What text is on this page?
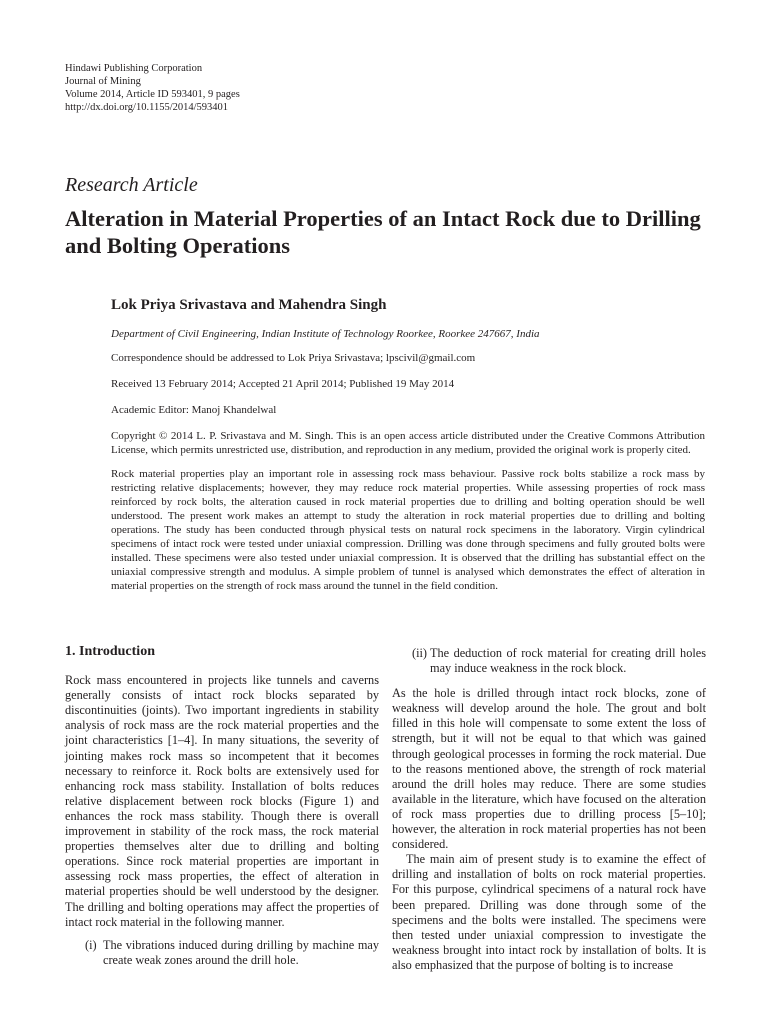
Hindawi Publishing Corporation
Journal of Mining
Volume 2014, Article ID 593401, 9 pages
http://dx.doi.org/10.1155/2014/593401
Research Article
Alteration in Material Properties of an Intact Rock due to Drilling and Bolting Operations
Lok Priya Srivastava and Mahendra Singh
Department of Civil Engineering, Indian Institute of Technology Roorkee, Roorkee 247667, India
Correspondence should be addressed to Lok Priya Srivastava; lpscivil@gmail.com
Received 13 February 2014; Accepted 21 April 2014; Published 19 May 2014
Academic Editor: Manoj Khandelwal
Copyright © 2014 L. P. Srivastava and M. Singh. This is an open access article distributed under the Creative Commons Attribution License, which permits unrestricted use, distribution, and reproduction in any medium, provided the original work is properly cited.
Rock material properties play an important role in assessing rock mass behaviour. Passive rock bolts stabilize a rock mass by restricting relative displacements; however, they may reduce rock material properties. While assessing properties of rock mass reinforced by rock bolts, the alteration caused in rock material properties due to drilling and bolting operation should be well understood. The present work makes an attempt to study the alteration in rock material properties due to drilling and bolting operations. The study has been conducted through physical tests on natural rock specimens in the laboratory. Virgin cylindrical specimens of intact rock were tested under uniaxial compression. Drilling was done through specimens and fully grouted bolts were installed. These specimens were also tested under uniaxial compression. It is observed that the drilling has substantial effect on the uniaxial compressive strength and modulus. A simple problem of tunnel is analysed which demonstrates the effect of alteration in material properties on the strength of rock mass around the tunnel in the field condition.
1. Introduction

Rock mass encountered in projects like tunnels and caverns generally consists of intact rock blocks separated by discontinuities (joints). Two important ingredients in stability analysis of rock mass are the rock material properties and the joint characteristics [1–4]. In many situations, the severity of jointing makes rock mass so incompetent that it becomes necessary to reinforce it. Rock bolts are extensively used for enhancing rock mass stability. Installation of bolts reduces relative displacement between rock blocks (Figure 1) and enhances the rock mass stability. Though there is overall improvement in stability of the rock mass, the rock material properties themselves alter due to drilling and bolting operations. Since rock material properties are important in assessing rock mass properties, the effect of alteration in material properties should be well understood by the designer. The drilling and bolting operations may affect the properties of intact rock material in the following manner.

(i) The vibrations induced during drilling by machine may create weak zones around the drill hole.
(ii) The deduction of rock material for creating drill holes may induce weakness in the rock block.

As the hole is drilled through intact rock blocks, zone of weakness will develop around the hole. The grout and bolt filled in this hole will compensate to some extent the loss of strength, but it will not be equal to that which was gained through geological processes in forming the rock material. Due to the reasons mentioned above, the strength of rock material around the drill holes may reduce. There are some studies available in the literature, which have focused on the alteration of rock mass properties due to drilling process [5–10]; however, the alteration in rock material properties has not been considered.

The main aim of present study is to examine the effect of drilling and installation of bolts on rock material properties. For this purpose, cylindrical specimens of a natural rock have been prepared. Drilling was done through some of the specimens and the bolts were installed. The specimens were then tested under uniaxial compression to investigate the weakness brought into intact rock by installation of bolts. It is also emphasized that the purpose of bolting is to increase
